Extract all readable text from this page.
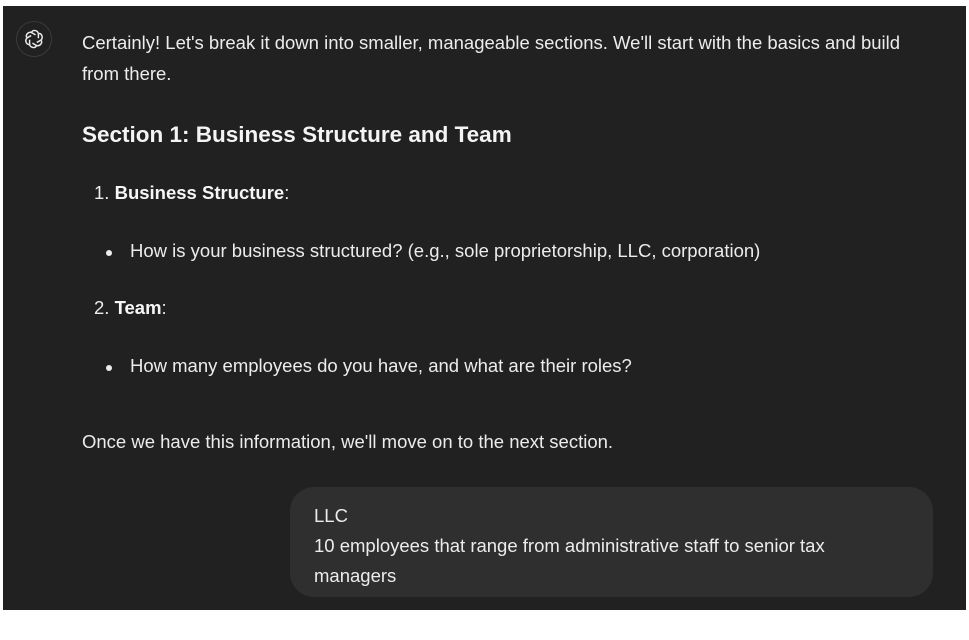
Certainly! Let's break it down into smaller, manageable sections. We'll start with the basics and build from there.

Section 1: Business Structure and Team
1. Business Structure:
How is your business structured? (e.g., sole proprietorship, LLC, corporation)
2. Team:
How many employees do you have, and what are their roles?
Once we have this information, we'll move on to the next section.
LLC
10 employees that range from administrative staff to senior tax managers
